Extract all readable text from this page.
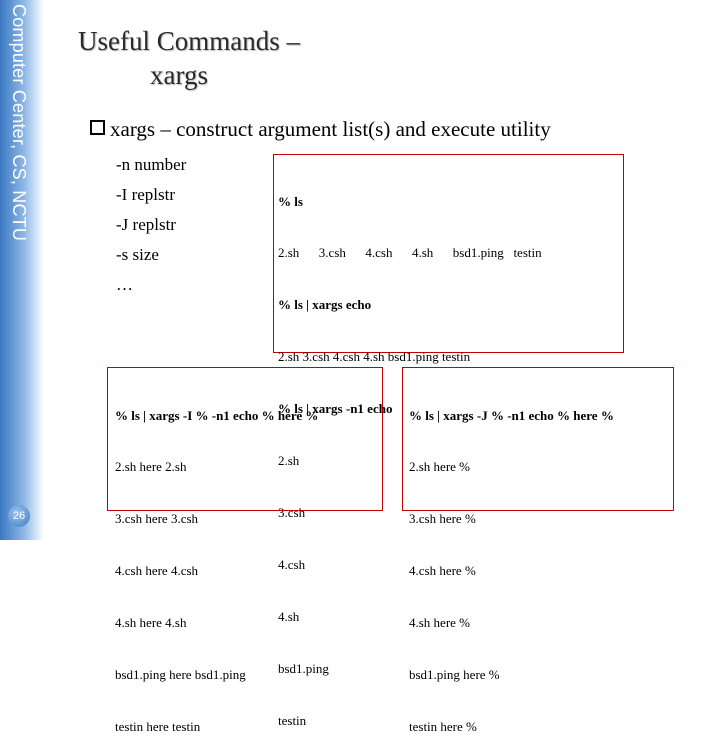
Computer Center, CS, NCTU
26
Useful Commands –
xargs
xargs – construct argument list(s) and execute utility
-n number
-I replstr
-J replstr
-s size
…

% ls

2.sh      3.csh      4.csh      4.sh      bsd1.ping   testin

% ls | xargs echo

2.sh 3.csh 4.csh 4.sh bsd1.ping testin

% ls | xargs -n1 echo

2.sh

3.csh

4.csh

4.sh

bsd1.ping

testin

% ls | xargs -I % -n1 echo % here %

2.sh here 2.sh

3.csh here 3.csh

4.csh here 4.csh

4.sh here 4.sh

bsd1.ping here bsd1.ping

testin here testin

% ls | xargs -J % -n1 echo % here %

2.sh here %

3.csh here %

4.csh here %

4.sh here %

bsd1.ping here %

testin here %
